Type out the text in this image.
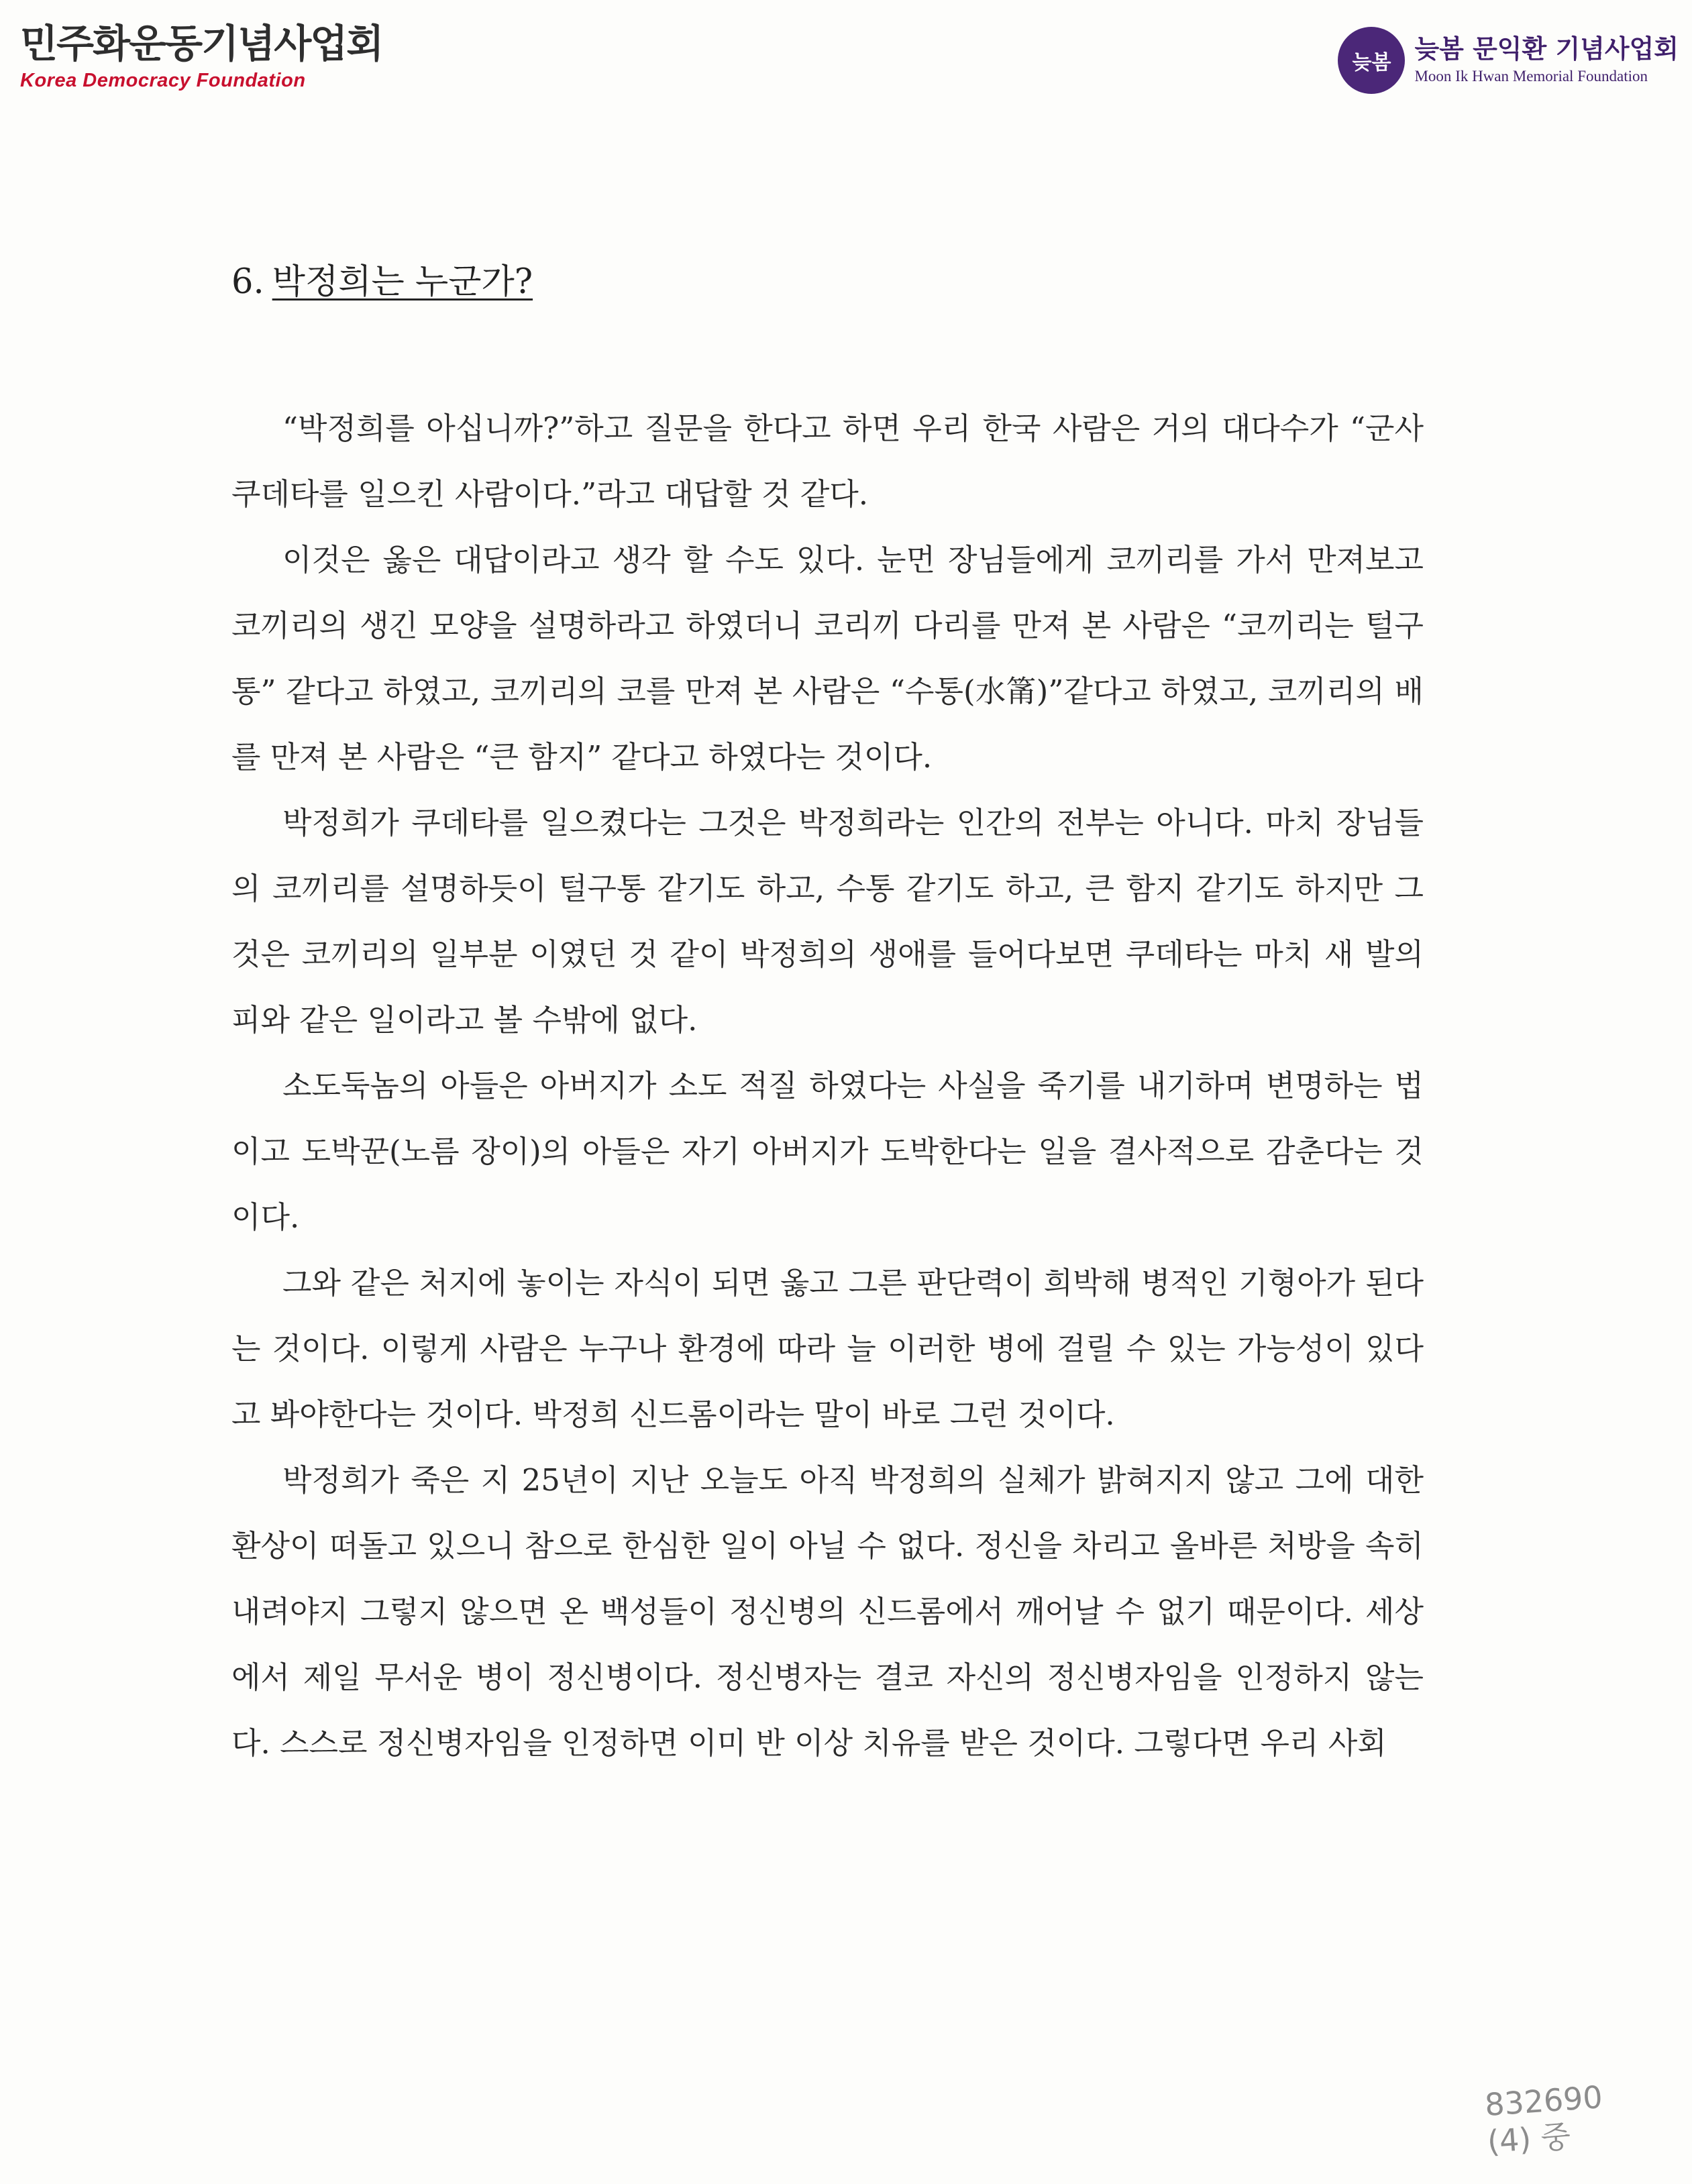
민주화운동기념사업회
Korea Democracy Foundation
늦봄 늦봄 문익환 기념사업회
Moon Ik Hwan Memorial Foundation
6. 박정희는 누군가?

“박정희를 아십니까?”하고 질문을 한다고 하면 우리 한국 사람은 거의 대다수가 “군사쿠데타를 일으킨 사람이다.”라고 대답할 것 같다.

이것은 옳은 대답이라고 생각 할 수도 있다. 눈먼 장님들에게 코끼리를 가서 만져보고 코끼리의 생긴 모양을 설명하라고 하였더니 코리끼 다리를 만져 본 사람은 “코끼리는 털구통” 같다고 하였고, 코끼리의 코를 만져 본 사람은 “수통(水筩)”같다고 하였고, 코끼리의 배를 만져 본 사람은 “큰 함지” 같다고 하였다는 것이다.

박정희가 쿠데타를 일으켰다는 그것은 박정희라는 인간의 전부는 아니다. 마치 장님들의 코끼리를 설명하듯이 털구통 같기도 하고, 수통 같기도 하고, 큰 함지 같기도 하지만 그것은 코끼리의 일부분 이였던 것 같이 박정희의 생애를 들어다보면 쿠데타는 마치 새 발의 피와 같은 일이라고 볼 수밖에 없다.

소도둑놈의 아들은 아버지가 소도 적질 하였다는 사실을 죽기를 내기하며 변명하는 법이고 도박꾼(노름 장이)의 아들은 자기 아버지가 도박한다는 일을 결사적으로 감춘다는 것이다.

그와 같은 처지에 놓이는 자식이 되면 옳고 그른 판단력이 희박해 병적인 기형아가 된다는 것이다. 이렇게 사람은 누구나 환경에 따라 늘 이러한 병에 걸릴 수 있는 가능성이 있다고 봐야한다는 것이다. 박정희 신드롬이라는 말이 바로 그런 것이다.

박정희가 죽은 지 25년이 지난 오늘도 아직 박정희의 실체가 밝혀지지 않고 그에 대한 환상이 떠돌고 있으니 참으로 한심한 일이 아닐 수 없다. 정신을 차리고 올바른 처방을 속히 내려야지 그렇지 않으면 온 백성들이 정신병의 신드롬에서 깨어날 수 없기 때문이다. 세상에서 제일 무서운 병이 정신병이다. 정신병자는 결코 자신의 정신병자임을 인정하지 않는다. 스스로 정신병자임을 인정하면 이미 반 이상 치유를 받은 것이다. 그렇다면 우리 사회

832690
(4) 중
